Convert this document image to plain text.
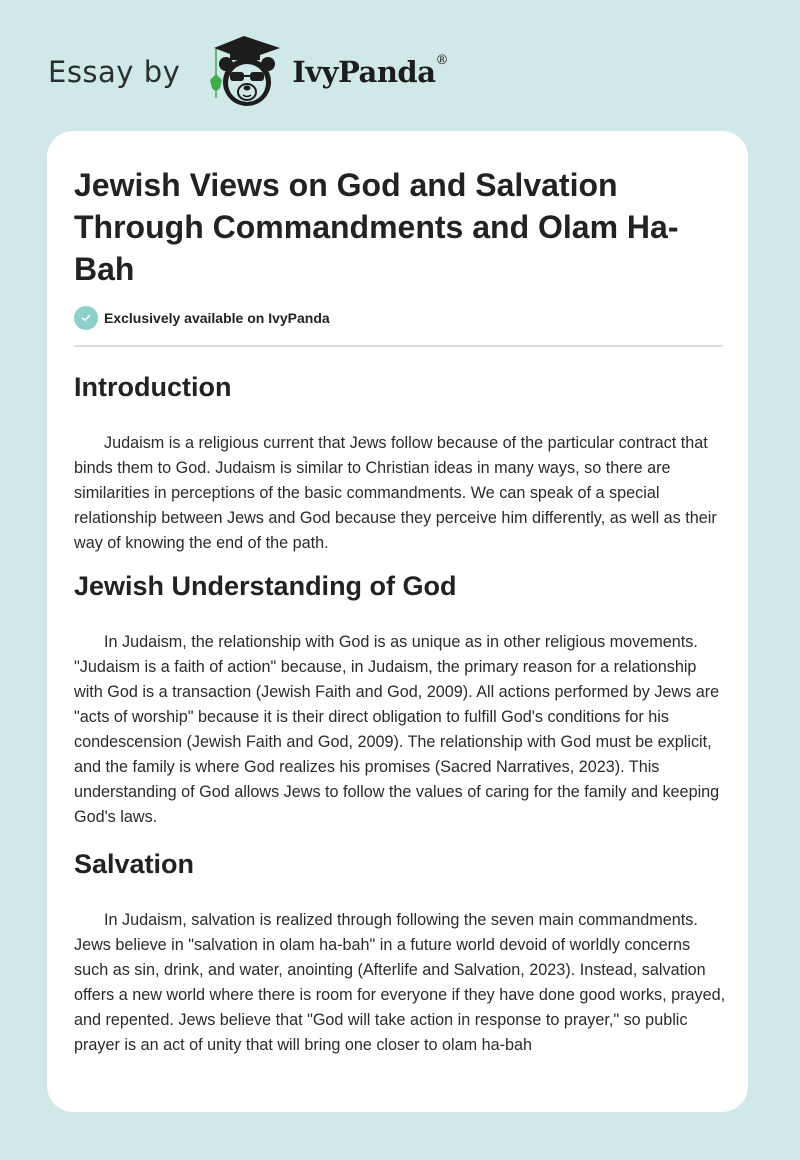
Essay by	IvyPanda®
Jewish Views on God and Salvation Through Commandments and Olam Ha-Bah
Exclusively available on IvyPanda
Introduction

Judaism is a religious current that Jews follow because of the particular contract that binds them to God. Judaism is similar to Christian ideas in many ways, so there are similarities in perceptions of the basic commandments. We can speak of a special relationship between Jews and God because they perceive him differently, as well as their way of knowing the end of the path.

Jewish Understanding of God

In Judaism, the relationship with God is as unique as in other religious movements. "Judaism is a faith of action" because, in Judaism, the primary reason for a relationship with God is a transaction (Jewish Faith and God, 2009). All actions performed by Jews are "acts of worship" because it is their direct obligation to fulfill God's conditions for his condescension (Jewish Faith and God, 2009). The relationship with God must be explicit, and the family is where God realizes his promises (Sacred Narratives, 2023). This understanding of God allows Jews to follow the values of caring for the family and keeping God's laws.

Salvation

In Judaism, salvation is realized through following the seven main commandments. Jews believe in "salvation in olam ha-bah" in a future world devoid of worldly concerns such as sin, drink, and water, anointing (Afterlife and Salvation, 2023). Instead, salvation offers a new world where there is room for everyone if they have done good works, prayed, and repented. Jews believe that "God will take action in response to prayer," so public prayer is an act of unity that will bring one closer to olam ha-bah
